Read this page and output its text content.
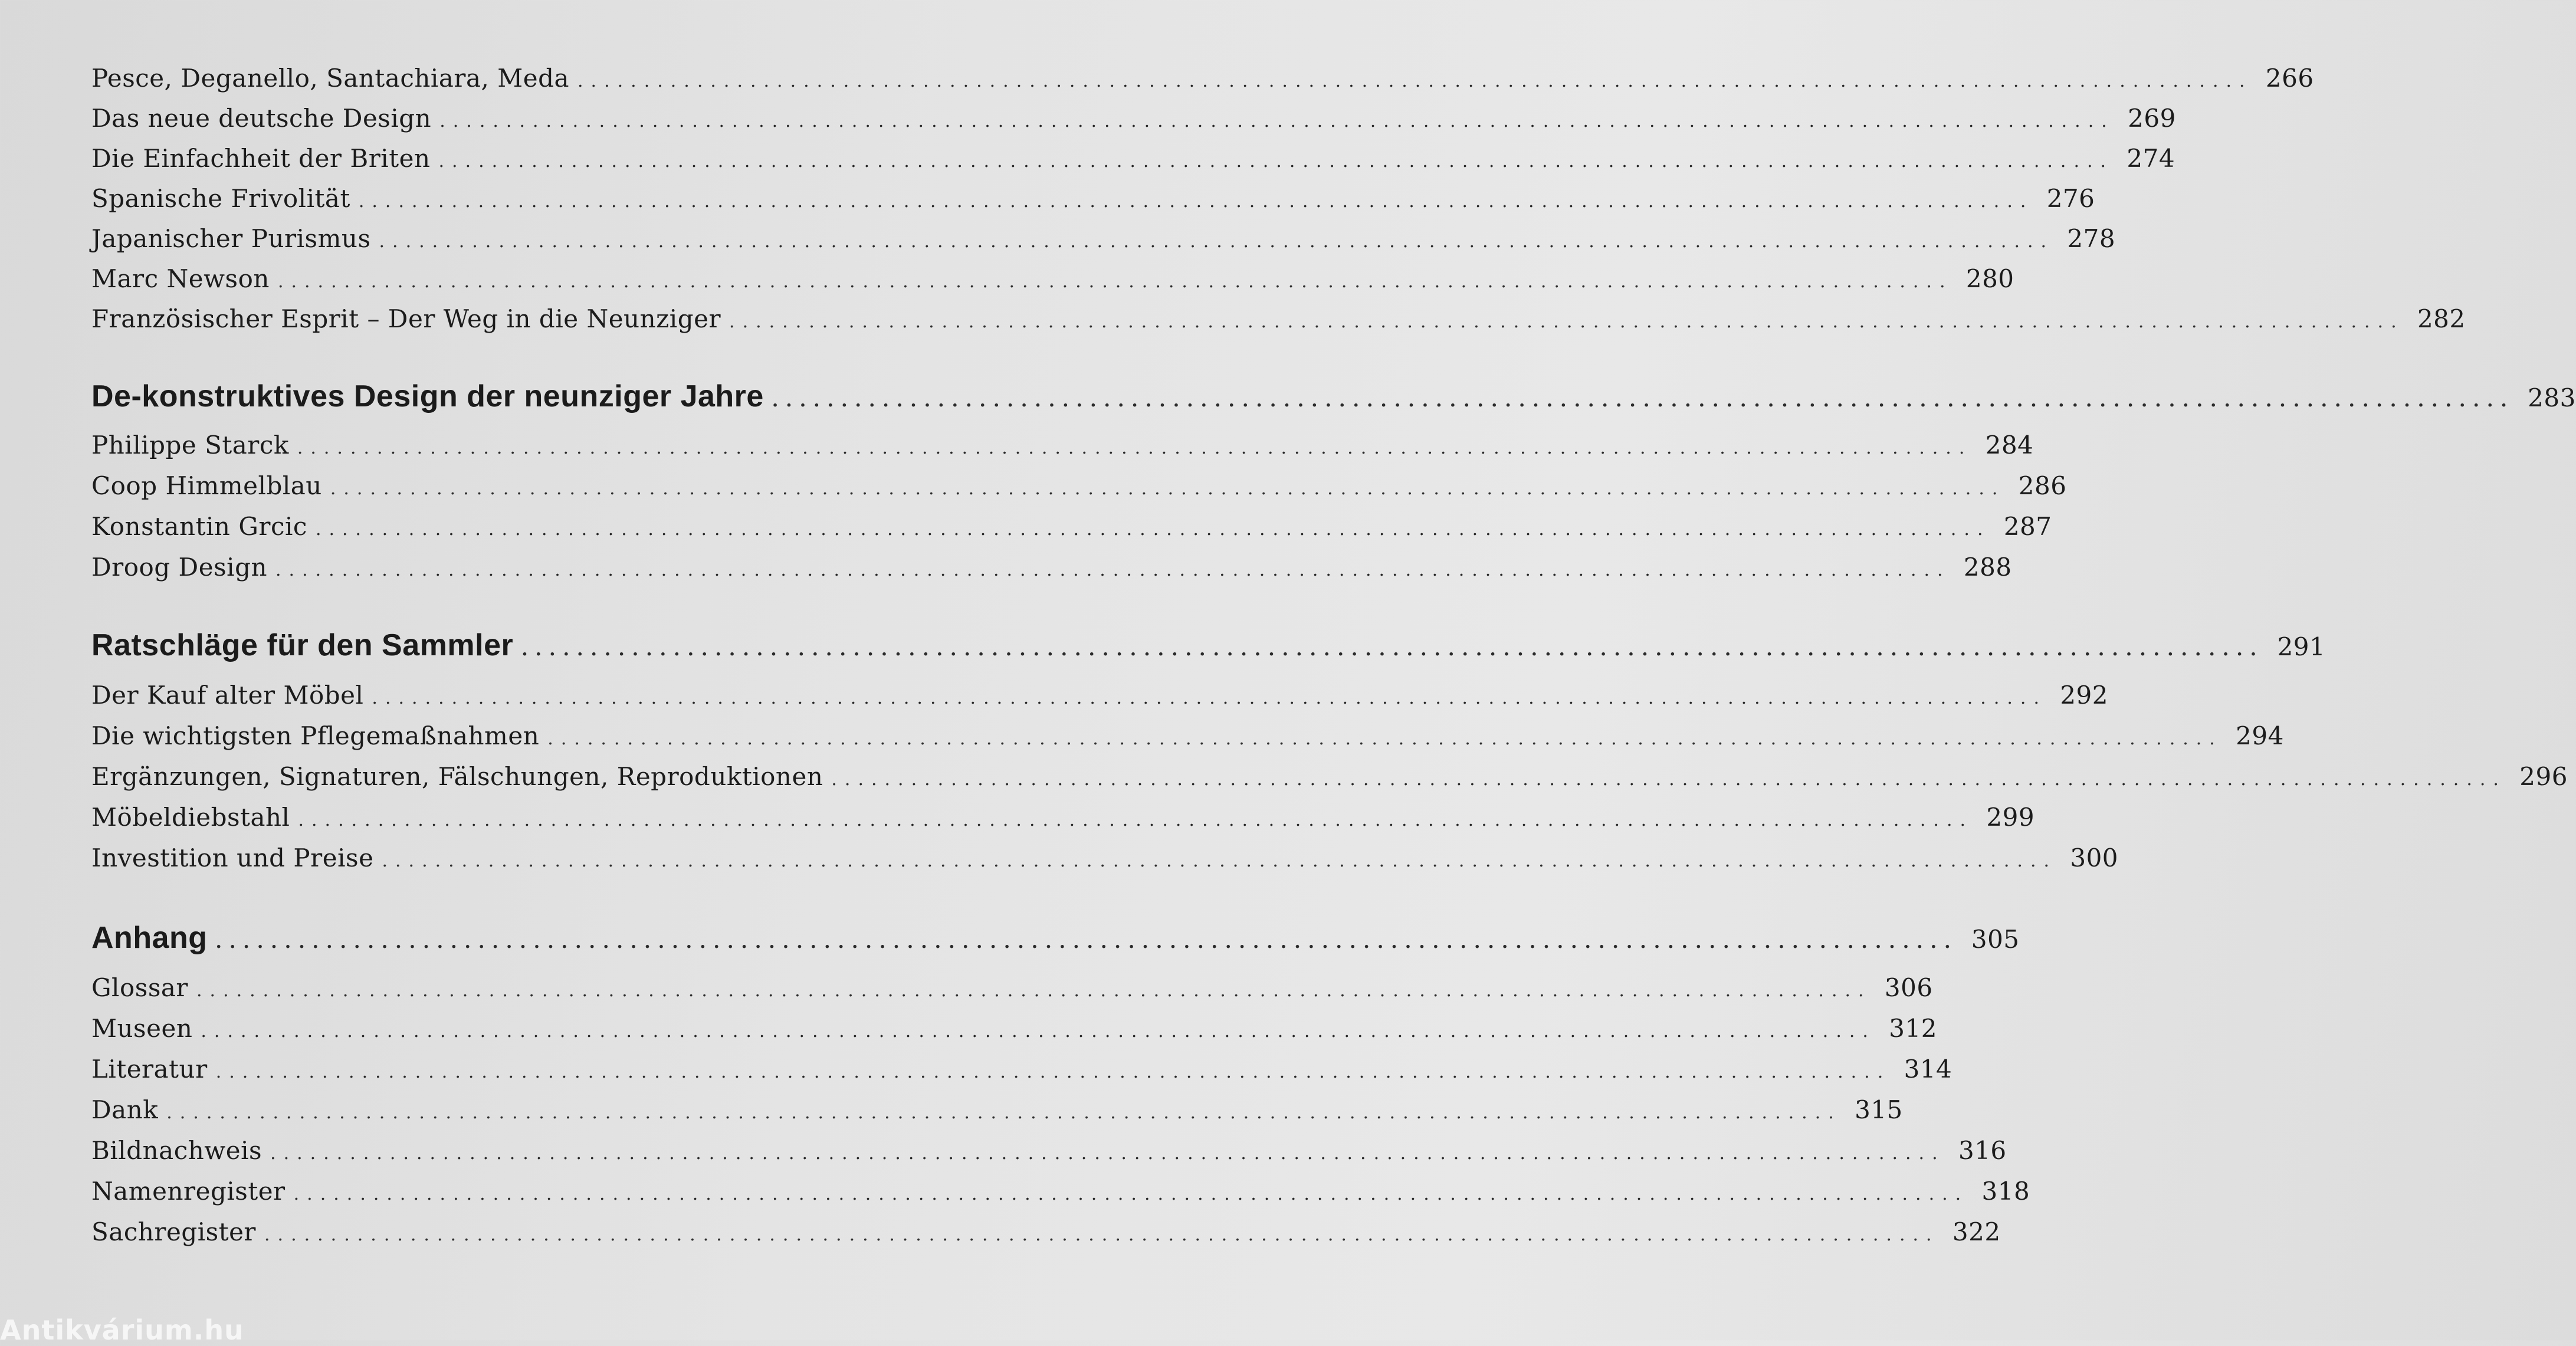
Pesce, Deganello, Santachiara, Meda .............................................................................................................................. 266
Das neue deutsche Design .............................................................................................................................. 269
Die Einfachheit der Briten .............................................................................................................................. 274
Spanische Frivolität .............................................................................................................................. 276
Japanischer Purismus .............................................................................................................................. 278
Marc Newson .............................................................................................................................. 280
Französischer Esprit – Der Weg in die Neunziger .............................................................................................................................. 282
De-konstruktives Design der neunziger Jahre .............................................................................................................................. 283
Philippe Starck .............................................................................................................................. 284
Coop Himmelblau .............................................................................................................................. 286
Konstantin Grcic .............................................................................................................................. 287
Droog Design .............................................................................................................................. 288
Ratschläge für den Sammler .............................................................................................................................. 291
Der Kauf alter Möbel .............................................................................................................................. 292
Die wichtigsten Pflegemaßnahmen .............................................................................................................................. 294
Ergänzungen, Signaturen, Fälschungen, Reproduktionen .............................................................................................................................. 296
Möbeldiebstahl .............................................................................................................................. 299
Investition und Preise .............................................................................................................................. 300
Anhang .............................................................................................................................. 305
Glossar .............................................................................................................................. 306
Museen .............................................................................................................................. 312
Literatur .............................................................................................................................. 314
Dank .............................................................................................................................. 315
Bildnachweis .............................................................................................................................. 316
Namenregister .............................................................................................................................. 318
Sachregister .............................................................................................................................. 322
Antikvárium.hu
